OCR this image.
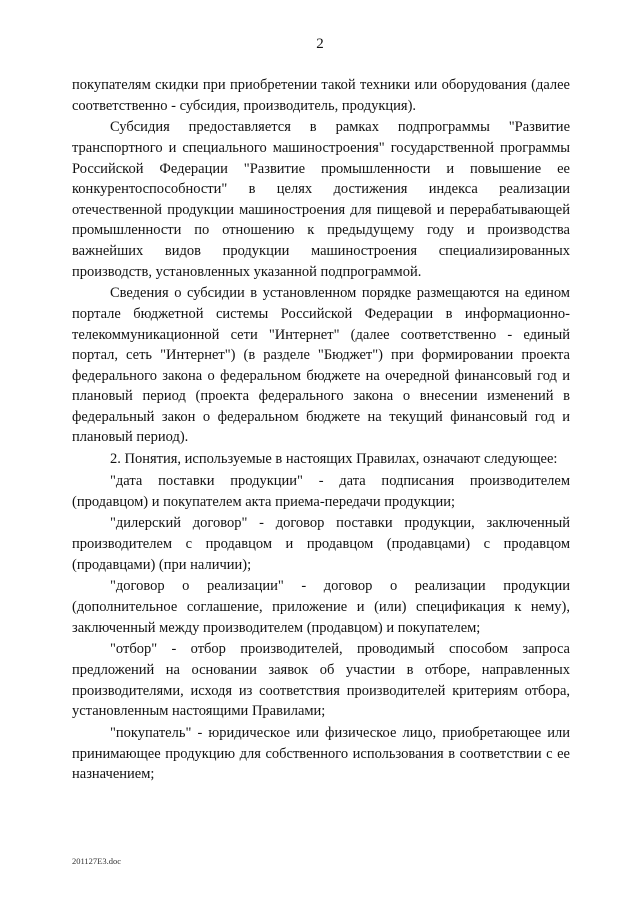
2

покупателям скидки при приобретении такой техники или оборудования (далее соответственно - субсидия, производитель, продукция).

Субсидия предоставляется в рамках подпрограммы "Развитие транспортного и специального машиностроения" государственной программы Российской Федерации "Развитие промышленности и повышение ее конкурентоспособности" в целях достижения индекса реализации отечественной продукции машиностроения для пищевой и перерабатывающей промышленности по отношению к предыдущему году и производства важнейших видов продукции машиностроения специализированных производств, установленных указанной подпрограммой.

Сведения о субсидии в установленном порядке размещаются на едином портале бюджетной системы Российской Федерации в информационно-телекоммуникационной сети "Интернет" (далее соответственно - единый портал, сеть "Интернет") (в разделе "Бюджет") при формировании проекта федерального закона о федеральном бюджете на очередной финансовый год и плановый период (проекта федерального закона о внесении изменений в федеральный закон о федеральном бюджете на текущий финансовый год и плановый период).

2. Понятия, используемые в настоящих Правилах, означают следующее:

"дата поставки продукции" - дата подписания производителем (продавцом) и покупателем акта приема-передачи продукции;

"дилерский договор" - договор поставки продукции, заключенный производителем с продавцом и продавцом (продавцами) с продавцом (продавцами) (при наличии);

"договор о реализации" - договор о реализации продукции (дополнительное соглашение, приложение и (или) спецификация к нему), заключенный между производителем (продавцом) и покупателем;

"отбор" - отбор производителей, проводимый способом запроса предложений на основании заявок об участии в отборе, направленных производителями, исходя из соответствия производителей критериям отбора, установленным настоящими Правилами;

"покупатель" - юридическое или физическое лицо, приобретающее или принимающее продукцию для собственного использования в соответствии с ее назначением;

201127E3.doc
